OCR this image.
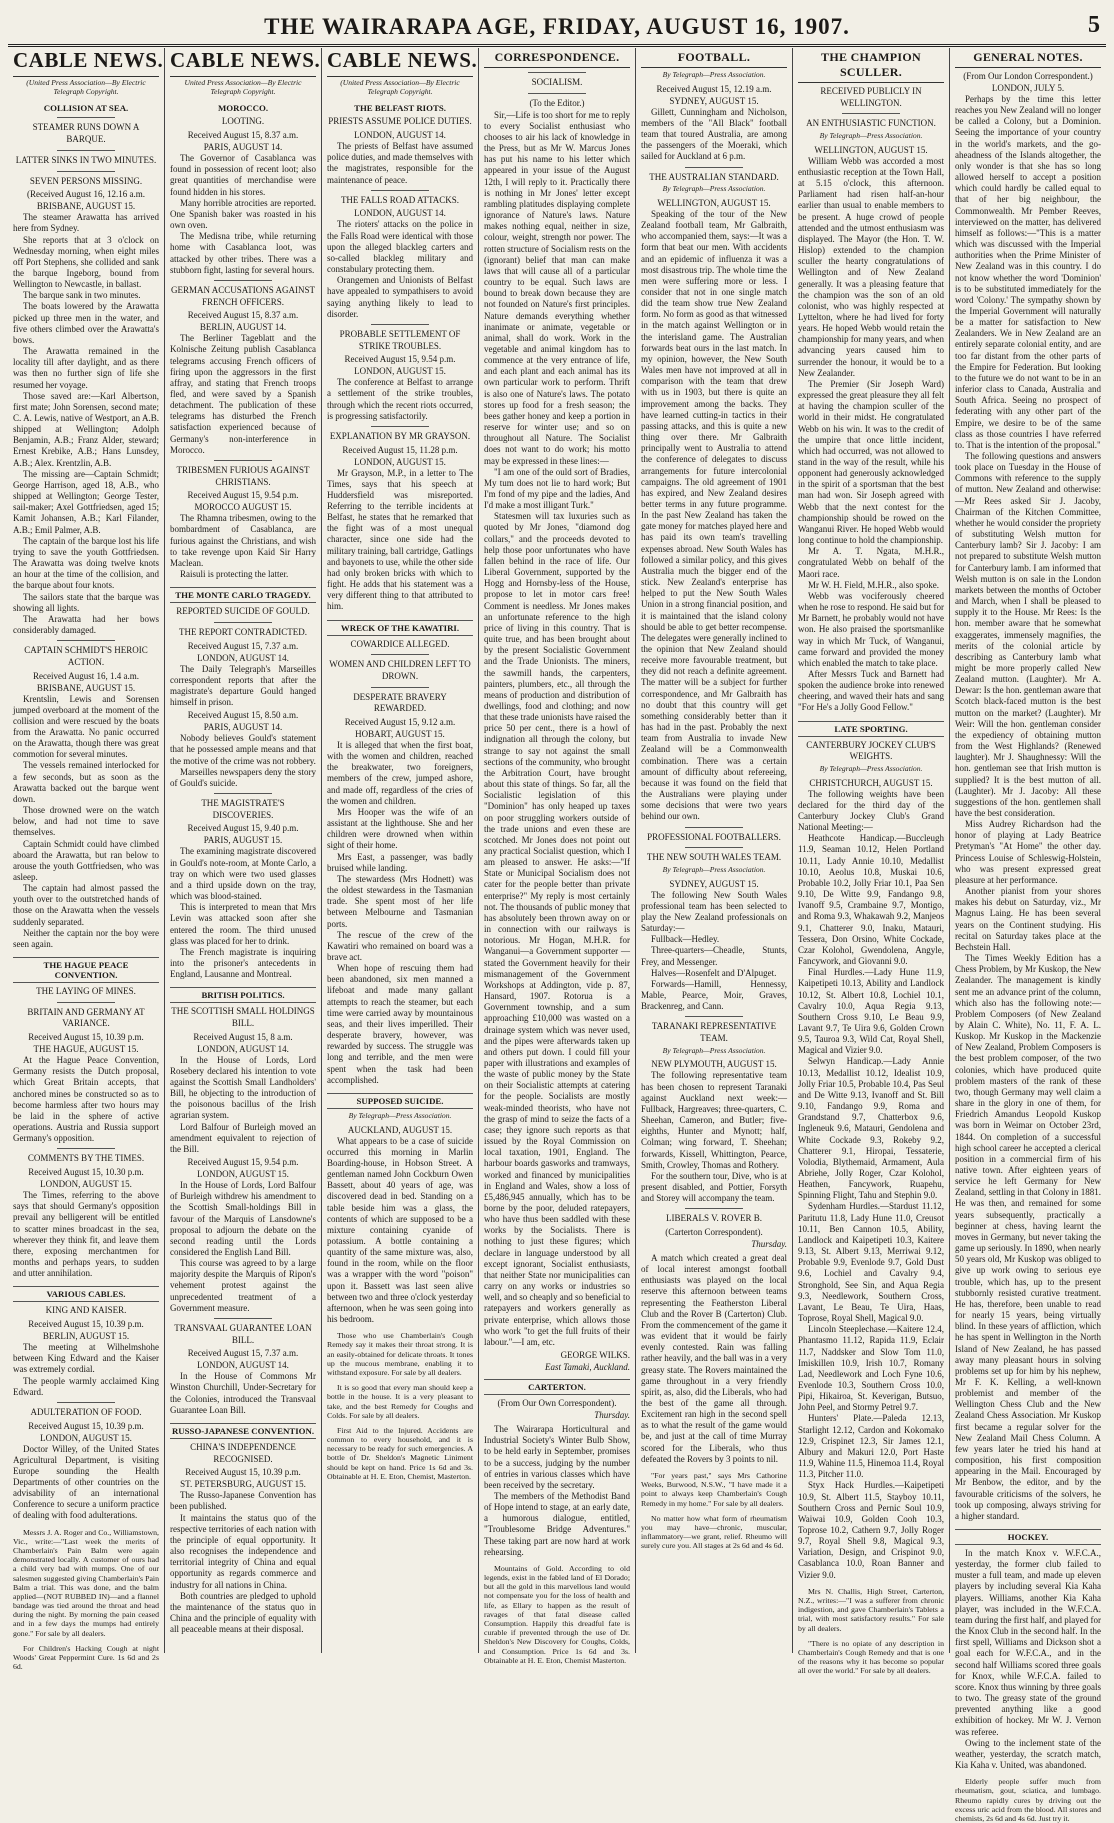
THE WAIRARAPA AGE, FRIDAY, AUGUST 16, 1907.	5
CABLE NEWS.
(United Press Association—By Electric Telegraph Copyright.
COLLISION AT SEA.
STEAMER RUNS DOWN A BARQUE.
LATTER SINKS IN TWO MINUTES.
SEVEN PERSONS MISSING.
(Received August 16, 12.16 a.m.
BRISBANE, AUGUST 15.

The steamer Arawatta has arrived here from Sydney.

She reports that at 3 o'clock on Wednesday morning, when eight miles off Port Stephens, she collided and sank the barque Ingeborg, bound from Wellington to Newcastle, in ballast.

The barque sank in two minutes.

The boats lowered by the Arawatta picked up three men in the water, and five others climbed over the Arawatta's bows.

The Arawatta remained in the locality till after daylight, and as there was then no further sign of life she resumed her voyage.

Those saved are:—Karl Albertson, first mate; John Sorensen, second mate; C. A. Lewis, native of Westport, an A.B. shipped at Wellington; Adolph Benjamin, A.B.; Franz Alder, steward; Ernest Krebike, A.B.; Hans Lunsdey, A.B.; Alex. Krentzlin, A.B.

The missing are—Captain Schmidt; George Harrison, aged 18, A.B., who shipped at Wellington; George Tester, sail-maker; Axel Gottfriedsen, aged 15; Kamit Johansen, A.B.; Karl Filander, A.B.; Emil Palmer, A.B.

The captain of the barque lost his life trying to save the youth Gottfriedsen. The Arawatta was doing twelve knots an hour at the time of the collision, and the barque about four knots.

The sailors state that the barque was showing all lights.

The Arawatta had her bows considerably damaged.

CAPTAIN SCHMIDT'S HEROIC ACTION.
Received August 16, 1.4 a.m.
BRISBANE, AUGUST 15.

Krentslin, Lewis and Sorensen jumped overboard at the moment of the collision and were rescued by the boats from the Arawatta. No panic occurred on the Arawatta, though there was great commotion for several minutes.

The vessels remained interlocked for a few seconds, but as soon as the Arawatta backed out the barque went down.

Those drowned were on the watch below, and had not time to save themselves.

Captain Schmidt could have climbed aboard the Arawatta, but ran below to arouse the youth Gottfriedsen, who was asleep.

The captain had almost passed the youth over to the outstretched hands of those on the Arawatta when the vessels suddenly separated.

Neither the captain nor the boy were seen again.

THE HAGUE PEACE CONVENTION.
THE LAYING OF MINES.
BRITAIN AND GERMANY AT VARIANCE.
Received August 15, 10.39 p.m.
THE HAGUE, AUGUST 15.

At the Hague Peace Convention, Germany resists the Dutch proposal, which Great Britain accepts, that anchored mines be constructed so as to become harmless after two hours may be laid in the sphere of active operations. Austria and Russia support Germany's opposition.

COMMENTS BY THE TIMES.
Received August 15, 10.30 p.m.
LONDON, AUGUST 15.

The Times, referring to the above says that should Germany's opposition prevail any belligerent will be entitled to scatter mines broadcast in the sea, wherever they think fit, and leave them there, exposing merchantmen for months and perhaps years, to sudden and utter annihilation.

VARIOUS CABLES.
KING AND KAISER.
Received August 15, 10.39 p.m.
BERLIN, AUGUST 15.

The meeting at Wilhelmshohe between King Edward and the Kaiser was extremely cordial.

The people warmly acclaimed King Edward.

ADULTERATION OF FOOD.
Received August 15, 10.39 p.m.
LONDON, AUGUST 15.

Doctor Willey, of the United States Agricultural Department, is visiting Europe sounding the Health Departments of other countries on the advisability of an international Conference to secure a uniform practice of dealing with food adulterations.

Messrs J. A. Roger and Co., Williamstown, Vic., write:—"Last week the merits of Chamberlain's Pain Balm were again demonstrated locally. A customer of ours had a child very bad with mumps. One of our salesmen suggested giving Chamberlain's Pain Balm a trial. This was done, and the balm applied—(NOT RUBBED IN)—and a flannel bandage was tied around the throat and head during the night. By morning the pain ceased and in a few days the mumps had entirely gone." For sale by all dealers.

For Children's Hacking Cough at night Woods' Great Peppermint Cure. 1s 6d and 2s 6d.

CABLE NEWS.
United Press Association—By Electric Telegraph Copyright.
MOROCCO.
LOOTING.
Received August 15, 8.37 a.m.
PARIS, AUGUST 14.

The Governor of Casablanca was found in possession of recent loot; also great quantities of merchandise were found hidden in his stores.

Many horrible atrocities are reported. One Spanish baker was roasted in his own oven.

The Medisna tribe, while returning home with Casablanca loot, was attacked by other tribes. There was a stubborn fight, lasting for several hours.

GERMAN ACCUSATIONS AGAINST FRENCH OFFICERS.
Received August 15, 8.37 a.m.
BERLIN, AUGUST 14.

The Berliner Tageblatt and the Kolnische Zeitung publish Casablanca telegrams accusing French officers of firing upon the aggressors in the first affray, and stating that French troops fled, and were saved by a Spanish detachment. The publication of these telegrams has disturbed the French satisfaction experienced because of Germany's non-interference in Morocco.

TRIBESMEN FURIOUS AGAINST CHRISTIANS.
Received August 15, 9.54 p.m.
MOROCCO AUGUST 15.

The Rhamna tribesmen, owing to the bombardment of Casablanca, are furious against the Christians, and wish to take revenge upon Kaid Sir Harry Maclean.

Raisuli is protecting the latter.

THE MONTE CARLO TRAGEDY.
REPORTED SUICIDE OF GOULD.
THE REPORT CONTRADICTED.
Received August 15, 7.37 a.m.
LONDON, AUGUST 14.

The Daily Telegraph's Marseilles correspondent reports that after the magistrate's departure Gould hanged himself in prison.

Received August 15, 8.50 a.m.
PARIS, AUGUST 14.

Nobody believes Gould's statement that he possessed ample means and that the motive of the crime was not robbery.

Marseilles newspapers deny the story of Gould's suicide.

THE MAGISTRATE'S DISCOVERIES.
Received August 15, 9.40 p.m.
PARIS, AUGUST 15.

The examining magistrate discovered in Gould's note-room, at Monte Carlo, a tray on which were two used glasses and a third upside down on the tray, which was blood-stained.

This is interpreted to mean that Mrs Levin was attacked soon after she entered the room. The third unused glass was placed for her to drink.

The French magistrate is inquiring into the prisoner's antecedents in England, Lausanne and Montreal.

BRITISH POLITICS.
THE SCOTTISH SMALL HOLDINGS BILL.
Received August 15, 8 a.m.
LONDON, AUGUST 14.

In the House of Lords, Lord Rosebery declared his intention to vote against the Scottish Small Landholders' Bill, he objecting to the introduction of the poisonous bacillus of the Irish agrarian system.

Lord Balfour of Burleigh moved an amendment equivalent to rejection of the Bill.

Received August 15, 9.54 p.m.
LONDON, AUGUST 15.

In the House of Lords, Lord Balfour of Burleigh withdrew his amendment to the Scottish Small-holdings Bill in favour of the Marquis of Lansdowne's proposal to adjourn the debate on the second reading until the Lords considered the English Land Bill.

This course was agreed to by a large majority despite the Marquis of Ripon's vehement protest against the unprecedented treatment of a Government measure.

TRANSVAAL GUARANTEE LOAN BILL.
Received August 15, 7.37 a.m.
LONDON, AUGUST 14.

In the House of Commons Mr Winston Churchill, Under-Secretary for the Colonies, introduced the Transvaal Guarantee Loan Bill.

RUSSO-JAPANESE CONVENTION.
CHINA'S INDEPENDENCE RECOGNISED.
Received August 15, 10.39 p.m.
ST. PETERSBURG, AUGUST 15.

The Russo-Japanese Convention has been published.

It maintains the status quo of the respective territories of each nation with the principle of equal opportunity. It also recognises the independence and territorial integrity of China and equal opportunity as regards commerce and industry for all nations in China.

Both countries are pledged to uphold the maintenance of the status quo in China and the principle of equality with all peaceable means at their disposal.

CABLE NEWS.
(United Press Association—By Electric Telegraph Copyright.
THE BELFAST RIOTS.
PRIESTS ASSUME POLICE DUTIES.
LONDON, AUGUST 14.

The priests of Belfast have assumed police duties, and made themselves with the magistrates, responsible for the maintenance of peace.

THE FALLS ROAD ATTACKS.
LONDON, AUGUST 14.

The rioters' attacks on the police in the Falls Road were identical with those upon the alleged blackleg carters and so-called blackleg military and constabulary protecting them.

Orangemen and Unionists of Belfast have appealed to sympathisers to avoid saying anything likely to lead to disorder.

PROBABLE SETTLEMENT OF STRIKE TROUBLES.
Received August 15, 9.54 p.m.
LONDON, AUGUST 15.

The conference at Belfast to arrange a settlement of the strike troubles, through which the recent riots occurred, is progressing satisfactorily.

EXPLANATION BY MR GRAYSON.
Received August 15, 11.28 p.m.
LONDON, AUGUST 15.

Mr Grayson, M.P., in a letter to The Times, says that his speech at Huddersfield was misreported. Referring to the terrible incidents at Belfast, he states that he remarked that the fight was of a most unequal character, since one side had the military training, ball cartridge, Gatlings and bayonets to use, while the other side had only broken bricks with which to fight. He adds that his statement was a very different thing to that attributed to him.

WRECK OF THE KAWATIRI.
COWARDICE ALLEGED.
WOMEN AND CHILDREN LEFT TO DROWN.
DESPERATE BRAVERY REWARDED.
Received August 15, 9.12 a.m.
HOBART, AUGUST 15.

It is alleged that when the first boat, with the women and children, reached the breakwater, two foreigners, members of the crew, jumped ashore, and made off, regardless of the cries of the women and children.

Mrs Hooper was the wife of an assistant at the lighthouse. She and her children were drowned when within sight of their home.

Mrs East, a passenger, was badly bruised while landing.

The stewardess (Mrs Hodnett) was the oldest stewardess in the Tasmanian trade. She spent most of her life between Melbourne and Tasmanian ports.

The rescue of the crew of the Kawatiri who remained on board was a brave act.

When hope of rescuing them had been abandoned, six men manned a lifeboat and made many gallant attempts to reach the steamer, but each time were carried away by mountainous seas, and their lives imperilled. Their desperate bravery, however, was rewarded by success. The struggle was long and terrible, and the men were spent when the task had been accomplished.

SUPPOSED SUICIDE.
By Telegraph—Press Association.
AUCKLAND, AUGUST 15.

What appears to be a case of suicide occurred this morning in Marlin Boarding-house, in Hobson Street. A gentleman named John Cockburn Owen Bassett, about 40 years of age, was discovered dead in bed. Standing on a table beside him was a glass, the contents of which are supposed to be a mixture containing cyanide of potassium. A bottle containing a quantity of the same mixture was, also, found in the room, while on the floor was a wrapper with the word "poison" upon it. Bassett was last seen alive between two and three o'clock yesterday afternoon, when he was seen going into his bedroom.

Those who use Chamberlain's Cough Remedy say it makes their throat strong. It is an easily-obtained for delicate throats. It tones up the mucous membrane, enabling it to withstand exposure. For sale by all dealers.

It is so good that every man should keep a bottle in the house. It is a very pleasant to take, and the best Remedy for Coughs and Colds. For sale by all dealers.

First Aid to the Injured. Accidents are common to every household, and it is necessary to be ready for such emergencies. A bottle of Dr. Sheldon's Magnetic Liniment should be kept on hand. Price 1s 6d and 3s. Obtainable at H. E. Eton, Chemist, Masterton.

CORRESPONDENCE.
SOCIALISM.
(To the Editor.)

Sir,—Life is too short for me to reply to every Socialist enthusiast who chooses to air his lack of knowledge in the Press, but as Mr W. Marcus Jones has put his name to his letter which appeared in your issue of the August 12th, I will reply to it. Practically there is nothing in Mr Jones' letter except rambling platitudes displaying complete ignorance of Nature's laws. Nature makes nothing equal, neither in size, colour, weight, strength nor power. The rotten structure of Socialism rests on the (ignorant) belief that man can make laws that will cause all of a particular country to be equal. Such laws are bound to break down because they are not founded on Nature's first principles. Nature demands everything whether inanimate or animate, vegetable or animal, shall do work. Work in the vegetable and animal kingdom has to commence at the very entrance of life, and each plant and each animal has its own particular work to perform. Thrift is also one of Nature's laws. The potato stores up food for a fresh season; the bees gather honey and keep a portion in reserve for winter use; and so on throughout all Nature. The Socialist does not want to do work; his motto may be expressed in these lines:—

"I am one of the ould sort of Bradies, My tum does not lie to hard work; But I'm fond of my pipe and the ladies, And I'd make a most illigant Turk."

Statesmen will tax luxuries such as quoted by Mr Jones, "diamond dog collars," and the proceeds devoted to help those poor unfortunates who have fallen behind in the race of life. Our Liberal Government, supported by the Hogg and Hornsby-less of the House, propose to let in motor cars free! Comment is needless. Mr Jones makes an unfortunate reference to the high price of living in this country. That is quite true, and has been brought about by the present Socialistic Government and the Trade Unionists. The miners, the sawmill hands, the carpenters, painters, plumbers, etc., all through the means of production and distribution of dwellings, food and clothing; and now that these trade unionists have raised the price 50 per cent., there is a howl of indignation all through the colony, but strange to say not against the small sections of the community, who brought the Arbitration Court, have brought about this state of things. So far, all the Socialistic legislation of this "Dominion" has only heaped up taxes on poor struggling workers outside of the trade unions and even these are scotched. Mr Jones does not point out any practical Socialist question, which I am pleased to answer. He asks:—"If State or Municipal Socialism does not cater for the people better than private enterprise?" My reply is most certainly not. The thousands of public money that has absolutely been thrown away on or in connection with our railways is notorious. Mr Hogan, M.H.R. for Wanganui—a Government supporter —stated the Government heavily for their mismanagement of the Government Workshops at Addington, vide p. 87, Hansard, 1907. Rotorua is a Government township, and a sum approaching £10,000 was wasted on a drainage system which was never used, and the pipes were afterwards taken up and others put down. I could fill your paper with illustrations and examples of the waste of public money by the State on their Socialistic attempts at catering for the people. Socialists are mostly weak-minded theorists, who have not the grasp of mind to seize the facts of a case; they ignore such reports as that issued by the Royal Commission on local taxation, 1901, England. The harbour boards gasworks and tramways, worked and financed by municipalities in England and Wales, show a loss of £5,486,945 annually, which has to be borne by the poor, deluded ratepayers, who have thus been saddled with these works by the Socialists. There is nothing to just these figures; which declare in language understood by all except ignorant, Socialist enthusiasts, that neither State nor municipalities can carry on any works or industries so well, and so cheaply and so beneficial to ratepayers and workers generally as private enterprise, which allows those who work "to get the full fruits of their labour."—I am, etc.

GEORGE WILKS.
East Tamaki, Auckland.
CARTERTON.
(From Our Own Correspondent).
Thursday.

The Wairarapa Horticultural and Industrial Society's Winter Bulb Show, to be held early in September, promises to be a success, judging by the number of entries in various classes which have been received by the secretary.

The members of the Methodist Band of Hope intend to stage, at an early date, a humorous dialogue, entitled, "Troublesome Bridge Adventures." These taking part are now hard at work rehearsing.

Mountains of Gold. According to old legends, exist in the fabled land of El Dorado; but all the gold in this marvellous land would not compensate you for the loss of health and life, as Ellary to happen as the result of ravages of that fatal disease called Consumption. Happily this dreadful fate is curable if prevented through the use of Dr. Sheldon's New Discovery for Coughs, Colds, and Consumption. Price 1s 6d and 3s. Obtainable at H. E. Eton, Chemist Masterton.

FOOTBALL.
By Telegraph—Press Association.
Received August 15, 12.19 a.m.
SYDNEY, AUGUST 15.

Gillett, Cunningham and Nicholson, members of the "All Black" football team that toured Australia, are among the passengers of the Moeraki, which sailed for Auckland at 6 p.m.

THE AUSTRALIAN STANDARD.
By Telegraph—Press Association.
WELLINGTON, AUGUST 15.

Speaking of the tour of the New Zealand football team, Mr Galbraith, who accompanied them, says:—It was a form that beat our men. With accidents and an epidemic of influenza it was a most disastrous trip. The whole time the men were suffering more or less. I consider that not in one single match did the team show true New Zealand form. No form as good as that witnessed in the match against Wellington or in the interisland game. The Australian forwards beat ours in the last match. In my opinion, however, the New South Wales men have not improved at all in comparison with the team that drew with us in 1903, but there is quite an improvement among the backs. They have learned cutting-in tactics in their passing attacks, and this is quite a new thing over there. Mr Galbraith principally went to Australia to attend the conference of delegates to discuss arrangements for future intercolonial campaigns. The old agreement of 1901 has expired, and New Zealand desires better terms in any future programme. In the past New Zealand has taken the gate money for matches played here and has paid its own team's travelling expenses abroad. New South Wales has followed a similar policy, and this gives Australia much the bigger end of the stick. New Zealand's enterprise has helped to put the New South Wales Union in a strong financial position, and it is maintained that the island colony should be able to get better recompense. The delegates were generally inclined to the opinion that New Zealand should receive more favourable treatment, but they did not reach a definite agreement. The matter will be a subject for further correspondence, and Mr Galbraith has no doubt that this country will get something considerably better than it has had in the past. Probably the next team from Australia to invade New Zealand will be a Commonwealth combination. There was a certain amount of difficulty about refereeing, because it was found on the field that the Australians were playing under some decisions that were two years behind our own.

PROFESSIONAL FOOTBALLERS.
THE NEW SOUTH WALES TEAM.
By Telegraph—Press Association.
SYDNEY, AUGUST 15.

The following New South Wales professional team has been selected to play the New Zealand professionals on Saturday:—

Fullback—Hedley.

Three-quarters—Cheadle, Stunts, Frey, and Messenger.

Halves—Rosenfelt and D'Alpuget.

Forwards—Hamill, Hennessy, Mable, Pearce, Moir, Graves, Brackenreg, and Cann.

TARANAKI REPRESENTATIVE TEAM.
By Telegraph—Press Association.
NEW PLYMOUTH, AUGUST 15.

The following representative team has been chosen to represent Taranaki against Auckland next week:—Fullback, Hargreaves; three-quarters, C. Sheehan, Cameron, and Butler; five-eighths, Hunter and Mynott; half, Colman; wing forward, T. Sheehan; forwards, Kissell, Whittington, Pearce, Smith, Crowley, Thomas and Rothery.

For the southern tour, Dive, who is at present disabled, and Pottier, Forsyth and Storey will accompany the team.

LIBERALS V. ROVER B.
(Carterton Correspondent).
Thursday.

A match which created a great deal of local interest amongst football enthusiasts was played on the local reserve this afternoon between teams representing the Featherston Liberal Club and the Rover B (Carterton) Club. From the commencement of the game it was evident that it would be fairly evenly contested. Rain was falling rather heavily, and the ball was in a very greasy state. The Rovers maintained the game throughout in a very friendly spirit, as, also, did the Liberals, who had the best of the game all through. Excitement ran high in the second spell as to what the result of the game would be, and just at the call of time Murray scored for the Liberals, who thus defeated the Rovers by 3 points to nil.

"For years past," says Mrs Cathorine Weeks, Burwood, N.S.W., "I have made it a point to always keep Chamberlain's Cough Remedy in my home." For sale by all dealers.

No matter how what form of rheumatism you may have—chronic, muscular, inflammatory—we grant, relief. Rheumo will surely cure you. All stages at 2s 6d and 4s 6d.

THE CHAMPION SCULLER.
RECEIVED PUBLICLY IN WELLINGTON.
AN ENTHUSIASTIC FUNCTION.
By Telegraph—Press Association.
WELLINGTON, AUGUST 15.

William Webb was accorded a most enthusiastic reception at the Town Hall, at 5.15 o'clock, this afternoon. Parliament had risen half-an-hour earlier than usual to enable members to be present. A huge crowd of people attended and the utmost enthusiasm was displayed. The Mayor (the Hon. T. W. Hislop) extended to the champion sculler the hearty congratulations of Wellington and of New Zealand generally. It was a pleasing feature that the champion was the son of an old colonist, who was highly respected at Lyttelton, where he had lived for forty years. He hoped Webb would retain the championship for many years, and when advancing years caused him to surrender the honour, it would be to a New Zealander.

The Premier (Sir Joseph Ward) expressed the great pleasure they all felt at having the champion sculler of the world in their midst. He congratulated Webb on his win. It was to the credit of the umpire that once little incident, which had occurred, was not allowed to stand in the way of the result, while his opponent had generously acknowledged in the spirit of a sportsman that the best man had won. Sir Joseph agreed with Webb that the next contest for the championship should be rowed on the Wanganui River. He hoped Webb would long continue to hold the championship.

Mr A. T. Ngata, M.H.R., congratulated Webb on behalf of the Maori race.

Mr W. H. Field, M.H.R., also spoke.

Webb was vociferously cheered when he rose to respond. He said but for Mr Barnett, he probably would not have won. He also praised the sportsmanlike way in which Mr Tuck, of Wanganui, came forward and provided the money which enabled the match to take place.

After Messrs Tuck and Barnett had spoken the audience broke into renewed cheering, and waved their hats and sang "For He's a Jolly Good Fellow."

LATE SPORTING.
CANTERBURY JOCKEY CLUB'S WEIGHTS.
By Telegraph—Press Association.
CHRISTCHURCH, AUGUST 15.

The following weights have been declared for the third day of the Canterbury Jockey Club's Grand National Meeting:—

Heathcote Handicap.—Buccleugh 11.9, Seaman 10.12, Helen Portland 10.11, Lady Annie 10.10, Medallist 10.10, Aeolus 10.8, Muskai 10.6, Probable 10.2, Jolly Friar 10.1, Paa Sen 9.10, De Witte 9.9, Fandango 9.8, Ivanoff 9.5, Crambaine 9.7, Montigo, and Roma 9.3, Whakawah 9.2, Manjeos 9.1, Chatterer 9.0, Inaku, Matauri, Tessera, Don Orsino, White Cockade, Czar Kolohol, Gwendolena, Angyle, Fancywork, and Giovanni 9.0.

Final Hurdles.—Lady Hune 11.9, Kaipetipeti 10.13, Ability and Landlock 10.12, St. Albert 10.8, Lochiel 10.1, Cavalry 10.0, Aqua Regia 9.13, Southern Cross 9.10, Le Beau 9.9, Lavant 9.7, Te Uira 9.6, Golden Crown 9.5, Tauroa 9.3, Wild Cat, Royal Shell, Magical and Vizier 9.0.

Selwyn Handicap.—Lady Annie 10.13, Medallist 10.12, Idealist 10.9, Jolly Friar 10.5, Probable 10.4, Pas Seul and De Witte 9.13, Ivanoff and St. Bill 9.10, Fandango 9.9, Roma and Grandstand 9.7, Chatterbox 9.6, Ingleneuk 9.6, Matauri, Gendolena and White Cockade 9.3, Rokeby 9.2, Chatterer 9.1, Hiropai, Tessaterie, Volodia, Blythemaid, Armament, Aula Abriehe, Jolly Roger, Czar Kolohol, Heathen, Fancywork, Ruapehu, Spinning Flight, Tahu and Stephin 9.0.

Sydenham Hurdles.—Stardust 11.12, Paritutu 11.8, Lady Hune 11.0, Creusot 10.11, Ben Cannon 10.5, Ability, Landlock and Kaipetipeti 10.3, Kaitere 9.13, St. Albert 9.13, Merriwai 9.12, Probable 9.9, Evenlode 9.7, Gold Dust 9.6, Lochiel and Cavalry 9.4, Stronghold, See Sin, and Aqua Regia 9.3, Needlework, Southern Cross, Lavant, Le Beau, Te Uira, Haas, Toprose, Royal Shell, Magical 9.0.

Lincoln Steeplechase.—Kaitere 12.4, Phantasmo 11.12, Rapida 11.9, Eclair 11.7, Naddsker and Slow Tom 11.0, Imiskillen 10.9, Irish 10.7, Romany Lad, Needlework and Loch Fyne 10.6, Evenlode 10.3, Southern Cross 10.0, Pipi, Hikairoa, St. Keverigan, Butsuo, John Peel, and Stormy Petrel 9.7.

Hunters' Plate.—Paleda 12.13, Starlight 12.12, Cardon and Kokomako 12.9, Crispinet 12.3, Sir James 12.1, Albury and Makuri 12.0, Port Haste 11.9, Wahine 11.5, Hinemoa 11.4, Royal 11.3, Pitcher 11.0.

Styx Hack Hurdles.—Kaipetipeti 10.9, St. Albert 11.5, Stayboy 10.11, Southern Cross and Pernic Soul 10.9, Waiwai 10.9, Golden Cooh 10.3, Toprose 10.2, Cathern 9.7, Jolly Roger 9.7, Royal Shell 9.8, Magical 9.3, Variation, Design, and Crispinot 9.0, Casablanca 10.0, Roan Banner and Vizier 9.0.

Mrs N. Challis, High Street, Carterton, N.Z., writes:—"I was a sufferer from chronic indigestion, and gave Chamberlain's Tablets a trial, with most satisfactory results." For sale by all dealers.

"There is no opiate of any description in Chamberlain's Cough Remedy and that is one of the reasons why it has become so popular all over the world." For sale by all dealers.

GENERAL NOTES.
(From Our London Correspondent.)
LONDON, JULY 5.

Perhaps by the time this letter reaches you New Zealand will no longer be called a Colony, but a Dominion. Seeing the importance of your country in the world's markets, and the go-aheadness of the Islands altogether, the only wonder is that she has so long allowed herself to accept a position which could hardly be called equal to that of her big neighbour, the Commonwealth. Mr Pember Reeves, interviewed on the matter, has delivered himself as follows:—"This is a matter which was discussed with the Imperial authorities when the Prime Minister of New Zealand was in this country. I do not know whether the word 'Dominion' is to be substituted immediately for the word 'Colony.' The sympathy shown by the Imperial Government will naturally be a matter for satisfaction to New Zealanders. We in New Zealand are an entirely separate colonial entity, and are too far distant from the other parts of the Empire for Federation. But looking to the future we do not want to be in an inferior class to Canada, Australia and South Africa. Seeing no prospect of federating with any other part of the Empire, we desire to be of the same class as those countries I have referred to. That is the intention of the proposal."

The following questions and answers took place on Tuesday in the House of Commons with reference to the supply of mutton. New Zealand and otherwise:—Mr Rees asked Sir J. Jacoby, Chairman of the Kitchen Committee, whether he would consider the propriety of substituting Welsh mutton for Canterbury lamb? Sir J. Jacoby: I am not prepared to substitute Welsh mutton for Canterbury lamb. I am informed that Welsh mutton is on sale in the London markets between the months of October and March, when I shall be pleased to supply it to the House. Mr Rees: Is the hon. member aware that he somewhat exaggerates, immensely magnifies, the merits of the colonial article by describing as Canterbury lamb what might be more properly called New Zealand mutton. (Laughter). Mr A. Dewar: Is the hon. gentleman aware that Scotch black-faced mutton is the best mutton on the market? (Laughter). Mr Weir: Will the hon. gentleman consider the expediency of obtaining mutton from the West Highlands? (Renewed laughter). Mr J. Shaughnessy: Will the hon. gentleman see that Irish mutton is supplied? It is the best mutton of all. (Laughter). Mr J. Jacoby: All these suggestions of the hon. gentlemen shall have the best consideration.

Miss Audrey Richardson had the honor of playing at Lady Beatrice Pretyman's "At Home" the other day. Princess Louise of Schleswig-Holstein, who was present expressed great pleasure at her performance.

Another pianist from your shores makes his debut on Saturday, viz., Mr Magnus Laing. He has been several years on the Continent studying. His recital on Saturday takes place at the Bechstein Hall.

The Times Weekly Edition has a Chess Problem, by Mr Kuskop, the New Zealander. The management is kindly sent me an advance print of the column, which also has the following note:—Problem Composers (of New Zealand by Alain C. White), No. 11, F. A. L. Kuskop. Mr Kuskop in the Mackenzie of New Zealand, Problem Composers is the best problem composer, of the two colonies, which have produced quite problem masters of the rank of these two, though Germany may well claim a share in the glory in one of them, for Friedrich Amandus Leopold Kuskop was born in Weimar on October 23rd, 1844. On completion of a successful high school career he accepted a clerical position in a commercial firm of his native town. After eighteen years of service he left Germany for New Zealand, settling in that Colony in 1881. He was then, and remained for some years subsequently, practically a beginner at chess, having learnt the moves in Germany, but never taking the game up seriously. In 1890, when nearly 50 years old, Mr Kuskop was obliged to give up work owing to serious eye trouble, which has, up to the present stubbornly resisted curative treatment. He has, therefore, been unable to read for nearly 15 years, being virtually blind. In these years of affliction, which he has spent in Wellington in the North Island of New Zealand, he has passed away many pleasant hours in solving problems set up for him by his nephew, Mr F. K. Kelling, a well-known problemist and member of the Wellington Chess Club and the New Zealand Chess Association. Mr Kuskop first became a regular solver for the New Zealand Mail Chess Column. A few years later he tried his hand at composition, his first composition appearing in the Mail. Encouraged by Mr Benbow, the editor, and by the favourable criticisms of the solvers, he took up composing, always striving for a higher standard.

HOCKEY.

In the match Knox v. W.F.C.A., yesterday, the former club failed to muster a full team, and made up eleven players by including several Kia Kaha players. Williams, another Kia Kaha player, was included in the W.F.C.A. team during the first half, and played for the Knox Club in the second half. In the first spell, Williams and Dickson shot a goal each for W.F.C.A., and in the second half Williams scored three goals for Knox, while W.F.C.A. failed to score. Knox thus winning by three goals to two. The greasy state of the ground prevented anything like a good exhibition of hockey. Mr W. J. Vernon was referee.

Owing to the inclement state of the weather, yesterday, the scratch match, Kia Kaha v. United, was abandoned.

Elderly people suffer much from rheumatism, gout, sciatica, and lumbago. Rheumo rapidly cures by driving out the excess uric acid from the blood. All stores and chemists, 2s 6d and 4s 6d. Just try it.
